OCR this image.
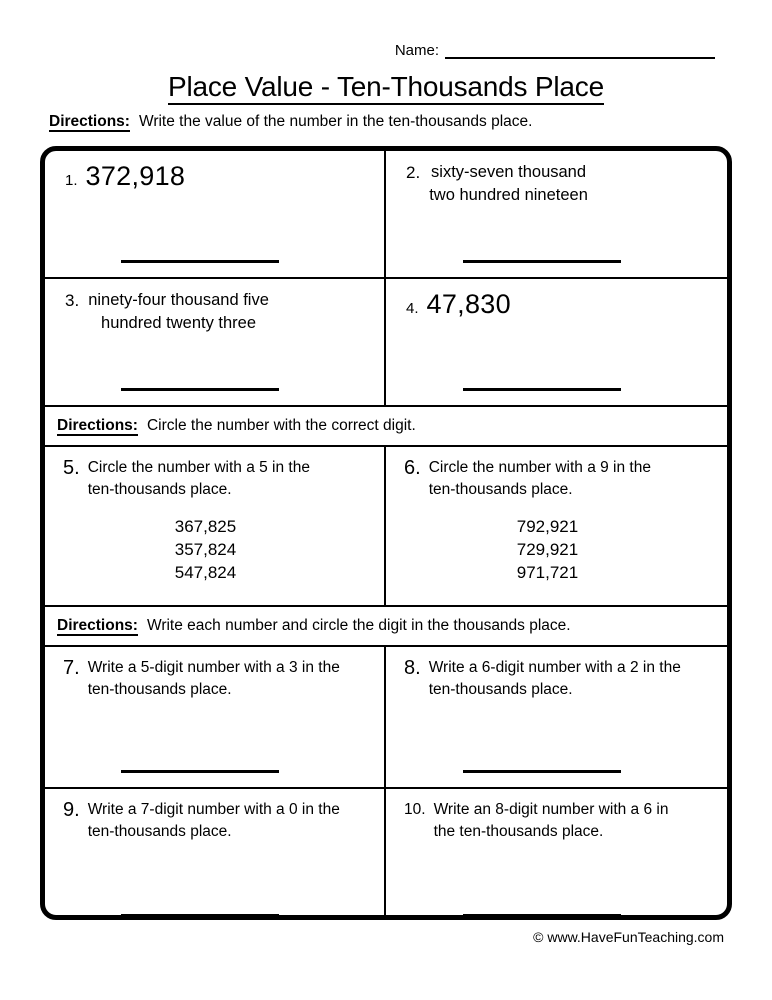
Name:
Place Value - Ten-Thousands Place
Directions: Write the value of the number in the ten-thousands place.
1. 372,918	2. sixty-seven thousand
two hundred nineteen
3. ninety-four thousand five
hundred twenty three
4. 47,830
Directions: Circle the number with the correct digit.
5. Circle the number with a 5 in the
ten-thousands place.
367,825
357,824
547,824
6. Circle the number with a 9 in the
ten-thousands place.
792,921
729,921
971,721
Directions: Write each number and circle the digit in the thousands place.
7. Write a 5-digit number with a 3 in the
ten-thousands place.
8. Write a 6-digit number with a 2 in the
ten-thousands place.
9. Write a 7-digit number with a 0 in the
ten-thousands place.
10. Write an 8-digit number with a 6 in
the ten-thousands place.
© www.HaveFunTeaching.com
